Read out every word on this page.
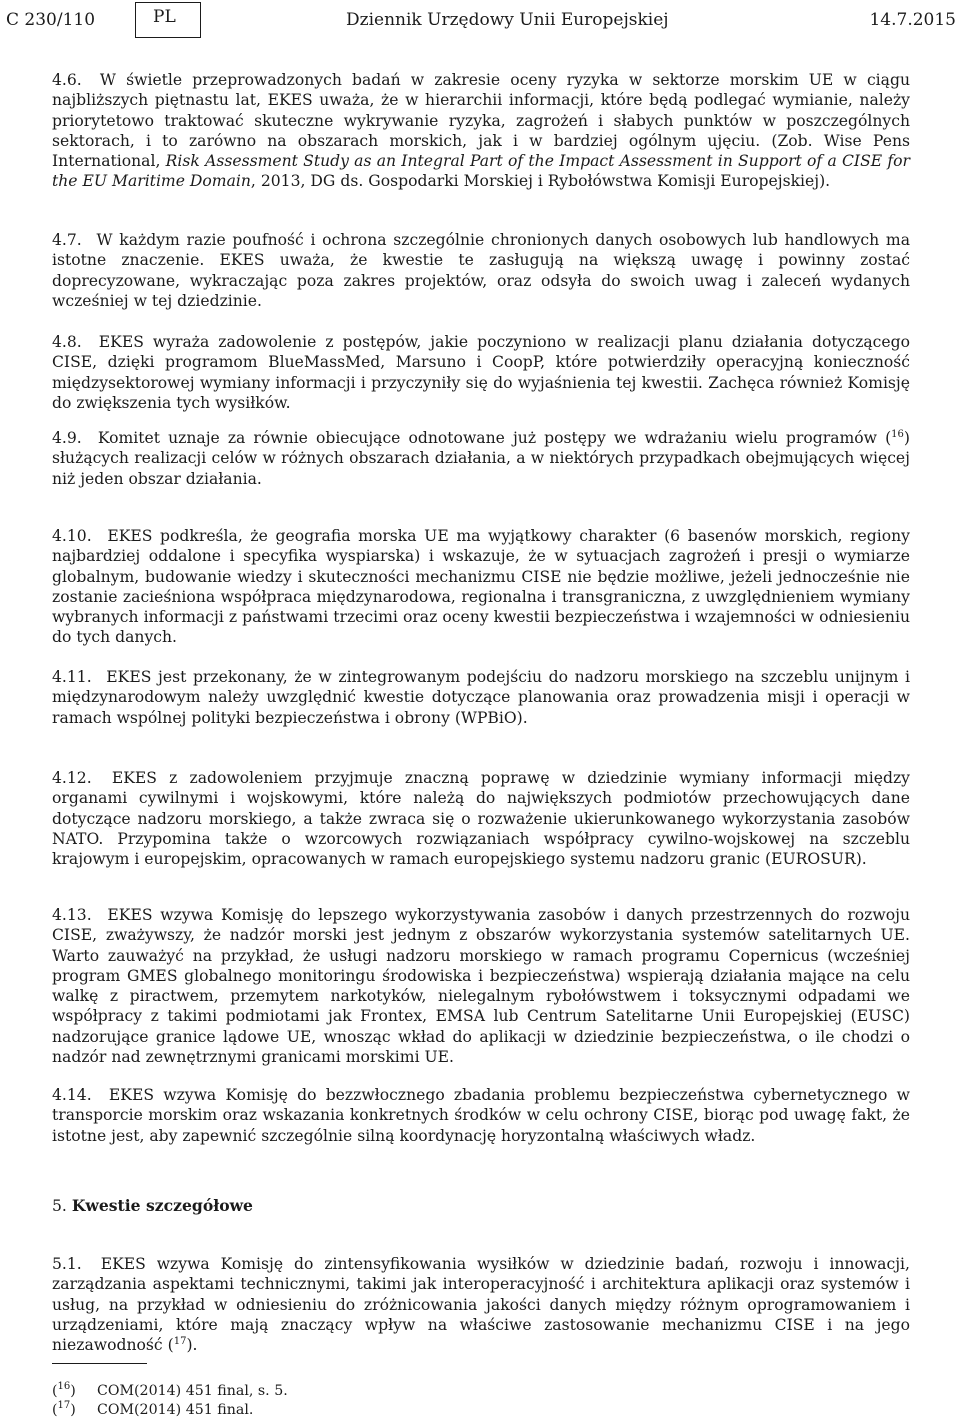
C 230/110	PL	Dziennik Urzędowy Unii Europejskiej	14.7.2015
4.6. W świetle przeprowadzonych badań w zakresie oceny ryzyka w sektorze morskim UE w ciągu najbliższych piętnastu lat, EKES uważa, że w hierarchii informacji, które będą podlegać wymianie, należy priorytetowo traktować skuteczne wykrywanie ryzyka, zagrożeń i słabych punktów w poszczególnych sektorach, i to zarówno na obszarach morskich, jak i w bardziej ogólnym ujęciu. (Zob. Wise Pens International, Risk Assessment Study as an Integral Part of the Impact Assessment in Support of a CISE for the EU Maritime Domain, 2013, DG ds. Gospodarki Morskiej i Rybołówstwa Komisji Europejskiej).
4.7. W każdym razie poufność i ochrona szczególnie chronionych danych osobowych lub handlowych ma istotne znaczenie. EKES uważa, że kwestie te zasługują na większą uwagę i powinny zostać doprecyzowane, wykraczając poza zakres projektów, oraz odsyła do swoich uwag i zaleceń wydanych wcześniej w tej dziedzinie.
4.8. EKES wyraża zadowolenie z postępów, jakie poczyniono w realizacji planu działania dotyczącego CISE, dzięki programom BlueMassMed, Marsuno i CoopP, które potwierdziły operacyjną konieczność międzysektorowej wymiany informacji i przyczyniły się do wyjaśnienia tej kwestii. Zachęca również Komisję do zwiększenia tych wysiłków.
4.9. Komitet uznaje za równie obiecujące odnotowane już postępy we wdrażaniu wielu programów ($^{16}$) służących realizacji celów w różnych obszarach działania, a w niektórych przypadkach obejmujących więcej niż jeden obszar działania.
4.10. EKES podkreśla, że geografia morska UE ma wyjątkowy charakter (6 basenów morskich, regiony najbardziej oddalone i specyfika wyspiarska) i wskazuje, że w sytuacjach zagrożeń i presji o wymiarze globalnym, budowanie wiedzy i skuteczności mechanizmu CISE nie będzie możliwe, jeżeli jednocześnie nie zostanie zacieśniona współpraca międzynarodowa, regionalna i transgraniczna, z uwzględnieniem wymiany wybranych informacji z państwami trzecimi oraz oceny kwestii bezpieczeństwa i wzajemności w odniesieniu do tych danych.
4.11. EKES jest przekonany, że w zintegrowanym podejściu do nadzoru morskiego na szczeblu unijnym i międzynarodowym należy uwzględnić kwestie dotyczące planowania oraz prowadzenia misji i operacji w ramach wspólnej polityki bezpieczeństwa i obrony (WPBiO).
4.12. EKES z zadowoleniem przyjmuje znaczną poprawę w dziedzinie wymiany informacji między organami cywilnymi i wojskowymi, które należą do największych podmiotów przechowujących dane dotyczące nadzoru morskiego, a także zwraca się o rozważenie ukierunkowanego wykorzystania zasobów NATO. Przypomina także o wzorcowych rozwiązaniach współpracy cywilno-wojskowej na szczeblu krajowym i europejskim, opracowanych w ramach europejskiego systemu nadzoru granic (EUROSUR).
4.13. EKES wzywa Komisję do lepszego wykorzystywania zasobów i danych przestrzennych do rozwoju CISE, zważywszy, że nadzór morski jest jednym z obszarów wykorzystania systemów satelitarnych UE. Warto zauważyć na przykład, że usługi nadzoru morskiego w ramach programu Copernicus (wcześniej program GMES globalnego monitoringu środowiska i bezpieczeństwa) wspierają działania mające na celu walkę z piractwem, przemytem narkotyków, nielegalnym rybołówstwem i toksycznymi odpadami we współpracy z takimi podmiotami jak Frontex, EMSA lub Centrum Satelitarne Unii Europejskiej (EUSC) nadzorujące granice lądowe UE, wnosząc wkład do aplikacji w dziedzinie bezpieczeństwa, o ile chodzi o nadzór nad zewnętrznymi granicami morskimi UE.
4.14. EKES wzywa Komisję do bezzwłocznego zbadania problemu bezpieczeństwa cybernetycznego w transporcie morskim oraz wskazania konkretnych środków w celu ochrony CISE, biorąc pod uwagę fakt, że istotne jest, aby zapewnić szczególnie silną koordynację horyzontalną właściwych władz.
5. Kwestie szczegółowe
5.1. EKES wzywa Komisję do zintensyfikowania wysiłków w dziedzinie badań, rozwoju i innowacji, zarządzania aspektami technicznymi, takimi jak interoperacyjność i architektura aplikacji oraz systemów i usług, na przykład w odniesieniu do zróżnicowania jakości danych między różnym oprogramowaniem i urządzeniami, które mają znaczący wpływ na właściwe zastosowanie mechanizmu CISE i na jego niezawodność ($^{17}$).
($^{16}$) COM(2014) 451 final, s. 5.
($^{17}$) COM(2014) 451 final.
